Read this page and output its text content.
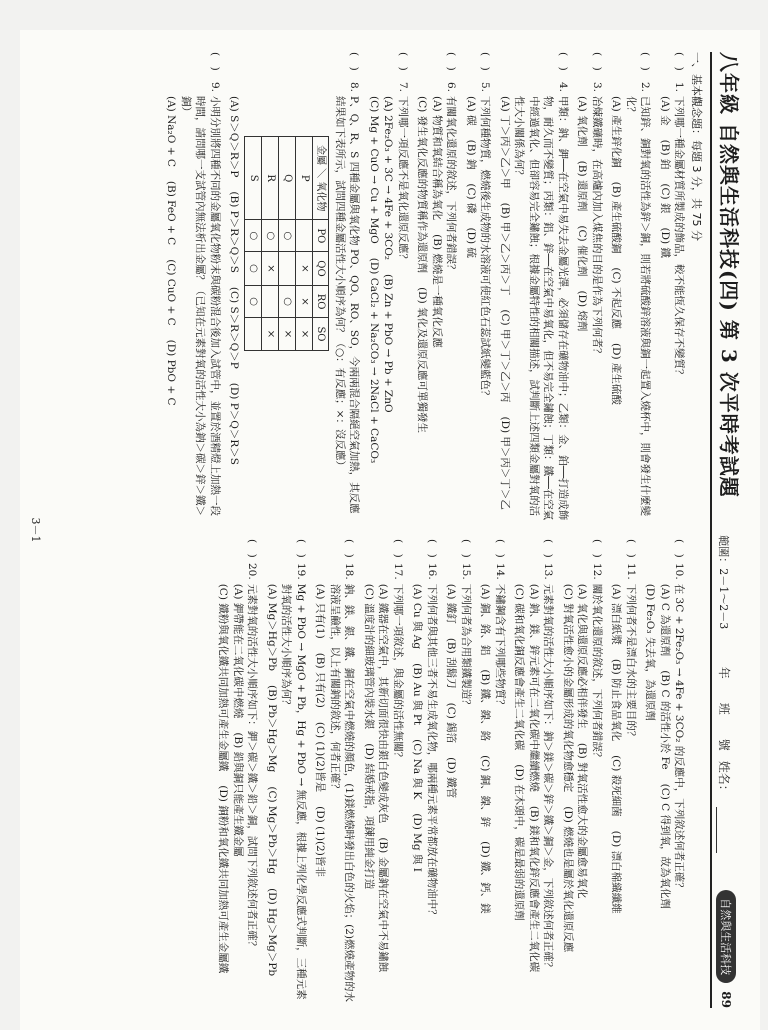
八年級 自然與生活科技(四) 第 3 次平時考試題
範圍：2－1～2－3
年　　班　　號
姓名：
自然與生活科技
89
一、基本觀念題：每題 3 分，共 75 分
(　)
1.
下列哪一種金屬材質所製成的飾品，較不能恆久保存不變質？
(A) 金
(B) 鉑
(C) 銀
(D) 鐵
(　)
2.
已知鋅、銅對氧的活性為鋅＞銅，則若將硫酸鋅溶液與銅一起置入燒杯中，則會發生什麼變化？
(A) 產生鋅化銅
(B) 產生硫酸銅
(C) 不起反應
(D) 產生硫酸
(　)
3.
冶煉鐵礦時，在高爐內加入煤焦的目的是作為下列何者？
(A) 氧化劑
(B) 還原劑
(C) 催化劑
(D) 熔劑
(　)
4.
甲類：鈉、鉀──在空氣中易失去金屬光澤，必須儲存在礦物油中；乙類：金、鉑──打造成飾物，耐久而不變質；丙類：鋁、鋅──在空氣中易氧化，但不易完全鏽蝕；丁類：鐵──在空氣中經過氧化、但卻容易完全鏽蝕；根據金屬特性的相關描述，試判斷上述四類金屬對氧的活性大小關係為何？
(A) 丁＞丙＞乙＞甲
(B) 甲＞乙＞丙＞丁
(C) 甲＞丁＞乙＞丙
(D) 甲＞丙＞丁＞乙
(　)
5.
下列何種物質，燃燒後生成物的水溶液可使紅色石蕊試紙變藍色？
(A) 碳
(B) 鈉
(C) 磷
(D) 硫
(　)
6.
有關氧化還原的敘述，下列何者錯誤？
(A) 物質和氧結合稱為氧化
(B) 燃燒是一種氧化反應
(C) 發生氧化反應的物質稱作為還原劑
(D) 氧化及還原反應可單獨發生
(　)
7.
下列哪一項反應不是氧化還原反應？
(A) 2Fe₂O₃ + 3C → 4Fe + 3CO₂
(B) Zn + PbO → Pb + ZnO
(C) Mg + CuO → Cu + MgO
(D) CaCl₂ + Na₂CO₃ → 2NaCl + CaCO₃
(　)
8.
P、Q、R、S 四種金屬與氧化物 PO、QO、RO、SO，今兩兩混合隔絕空氣加熱，其反應結果如下表所示，試問四種金屬活性大小順序為何？（○：有反應；×：沒反應）
金屬 ＼ 氧化物	PO	QO	RO	SO
P		×	×	×
Q	○		○	×
R	○	×		×
S	○	○	○	
(A) S＞Q＞R＞P
(B) P＞R＞Q＞S
(C) S＞R＞Q＞P
(D) P＞Q＞R＞S
(　)
9.
小明分別將四種不同的金屬氧化物粉末與碳粉混合後加入試管中，並置於酒精燈上加熱一段時間，請問哪一支試管內無法析出金屬？（已知在元素對氧的活性大小為鈉＞碳＞鋅＞鐵＞銅）
(A) Na₂O + C
(B) FeO + C
(C) CuO + C
(D) PbO + C
(　)
10.
在 3C + 2Fe₂O₃ → 4Fe + 3CO₂ 的反應中，下列敘述何者正確？
(A) C 為還原劑
(B) C 的活性小於 Fe
(C) C 得到氧，故為氧化劑
(D) Fe₂O₃ 失去氧，為還原劑
(　)
11.
下列何者不是漂白水的主要目的？
(A) 漂白紙漿
(B) 防止食品氧化
(C) 殺死細菌
(D) 漂白棉織纖維
(　)
12.
關於氧化還原的敘述，下列何者錯誤？
(A) 氧化與還原反應必相伴發生
(B) 對氧活性愈大的金屬愈易氧化
(C) 對氧活性愈小的金屬形成的氧化物愈穩定
(D) 燃燒也是屬於氧化還原反應
(　)
13.
元素對氧的活性大小順序如下：鈉＞鎂＞碳＞鋅＞鐵＞銅＞金，下列敘述何者正確？
(A) 鈉、鎂、鋅元素可在二氧化碳中繼續燃燒
(B) 鎂和氧化鋅反應會產生二氧化碳
(C) 碳和氧化銅反應會產生二氧化碳
(D) 在木頭中，碳是最弱的還原劑
(　)
14.
不鏽鋼含有下列哪些物質？
(A) 銅、鉻、鋁
(B) 鐵、鎳、鉻
(C) 銅、鎳、鋅
(D) 鐵、鈣、鎂
(　)
15.
下列何者為合用類鐵製造？
(A) 鐵釘
(B) 刮鬍刀
(C) 錫箔
(D) 鐵管
(　)
16.
下列何者與其他三者不易生成氧化物，哪兩種元素平常都放在礦物油中？
(A) Cu 與 Ag
(B) Au 與 Pt
(C) Na 與 K
(D) Mg 與 I
(　)
17.
下列哪一項敘述，與金屬的活性無關？
(A) 鐵器在空氣中，其新切面很快由銀白色變成灰色
(B) 金屬鈉在空氣中不易鏽蝕
(C) 溫度計的細玻璃管內裝水銀
(D) 結婚戒指，項鍊用純金打造
(　)
18.
鈉、鎂、銀、鐵、銅在空氣中燃燒的顏色，(1)鎂燃燒時發出白色的火焰；(2)燃燒產物的水溶液呈鹼性，以上有關鈉的敘述，何者正確？
(A) 只有(1)
(B) 只有(2)
(C) (1)(2)皆是
(D) (1)(2)皆非
(　)
19.
Mg + PbO → MgO + Pb，Hg + PbO → 無反應，根據上列化學反應式判斷，三種元素對氧的活性大小順序為何？
(A) Mg＞Hg＞Pb
(B) Pb＞Hg＞Mg
(C) Mg＞Pb＞Hg
(D) Hg＞Mg＞Pb
(　)
20.
元素對氧的活性大小順序如下：鉀＞碳＞鐵＞鉛＞銅，試問下列敘述何者正確？
(A) 鉀帶能在二氧化碳中燃燒
(B) 鉛與銅只能產生鐵金屬
(C) 鐵粉與氧化鐵共同加熱可產生金屬鐵
(D) 銅粉和氧化鐵共同加熱可產生金屬鐵
3－1
